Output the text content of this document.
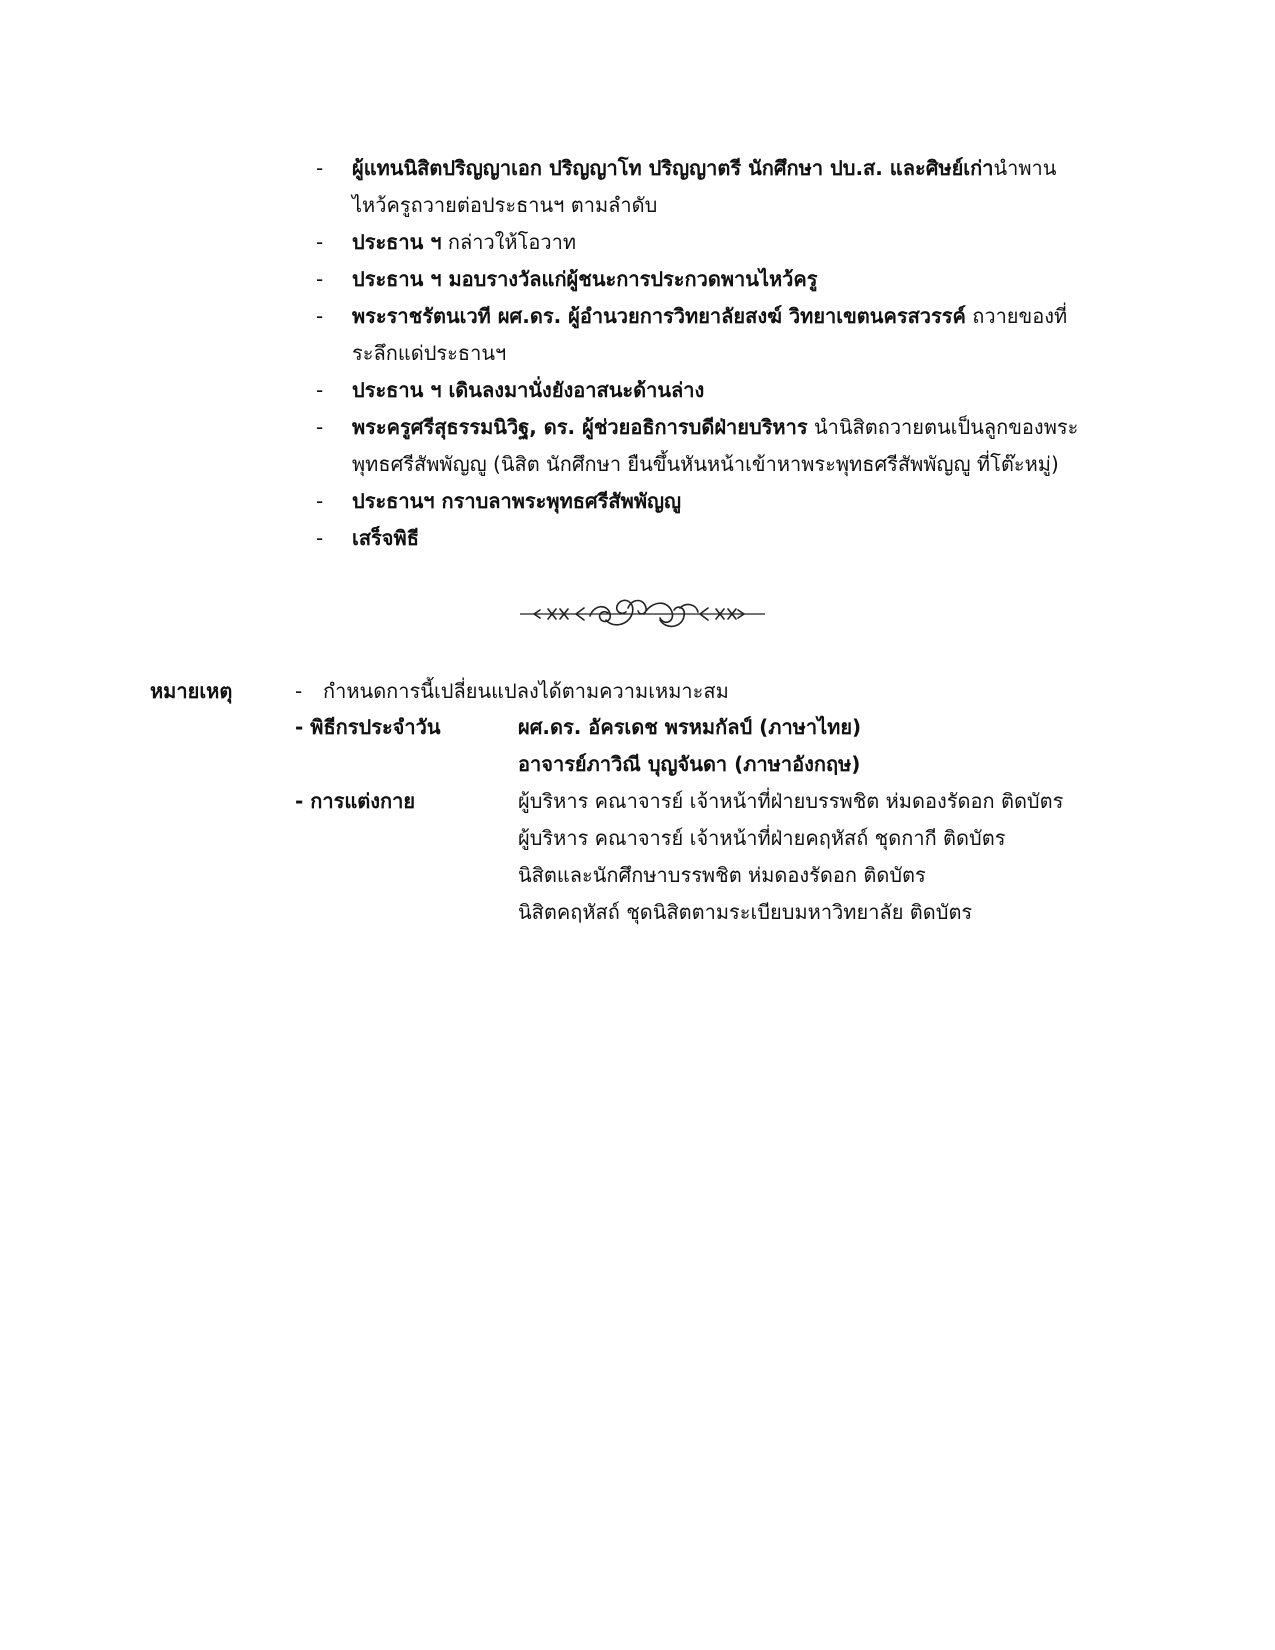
- ผู้แทนนิสิตปริญญาเอก ปริญญาโท ปริญญาตรี นักศึกษา ปบ.ส. และศิษย์เก่านำพาน
ไหว้ครูถวายต่อประธานฯ ตามลำดับ
- ประธาน ฯ กล่าวให้โอวาท
- ประธาน ฯ มอบรางวัลแก่ผู้ชนะการประกวดพานไหว้ครู
- พระราชรัตนเวที ผศ.ดร. ผู้อำนวยการวิทยาลัยสงฆ์ วิทยาเขตนครสวรรค์ ถวายของที่
ระลึกแด่ประธานฯ
- ประธาน ฯ เดินลงมานั่งยังอาสนะด้านล่าง
- พระครูศรีสุธรรมนิวิฐ, ดร. ผู้ช่วยอธิการบดีฝ่ายบริหาร นำนิสิตถวายตนเป็นลูกของพระ
พุทธศรีสัพพัญญู (นิสิต นักศึกษา ยืนขึ้นหันหน้าเข้าหาพระพุทธศรีสัพพัญญู ที่โต๊ะหมู่)
- ประธานฯ กราบลาพระพุทธศรีสัพพัญญู
- เสร็จพิธี
หมายเหตุ	- กำหนดการนี้เปลี่ยนแปลงได้ตามความเหมาะสม
- พิธีกรประจำวัน	ผศ.ดร. อัครเดช พรหมกัลป์ (ภาษาไทย)
อาจารย์ภาวิณี บุญจันดา (ภาษาอังกฤษ)
- การแต่งกาย	ผู้บริหาร คณาจารย์ เจ้าหน้าที่ฝ่ายบรรพชิต ห่มดองรัดอก ติดบัตร
ผู้บริหาร คณาจารย์ เจ้าหน้าที่ฝ่ายคฤหัสถ์ ชุดกากี ติดบัตร
นิสิตและนักศึกษาบรรพชิต ห่มดองรัดอก ติดบัตร
นิสิตคฤหัสถ์ ชุดนิสิตตามระเบียบมหาวิทยาลัย ติดบัตร
